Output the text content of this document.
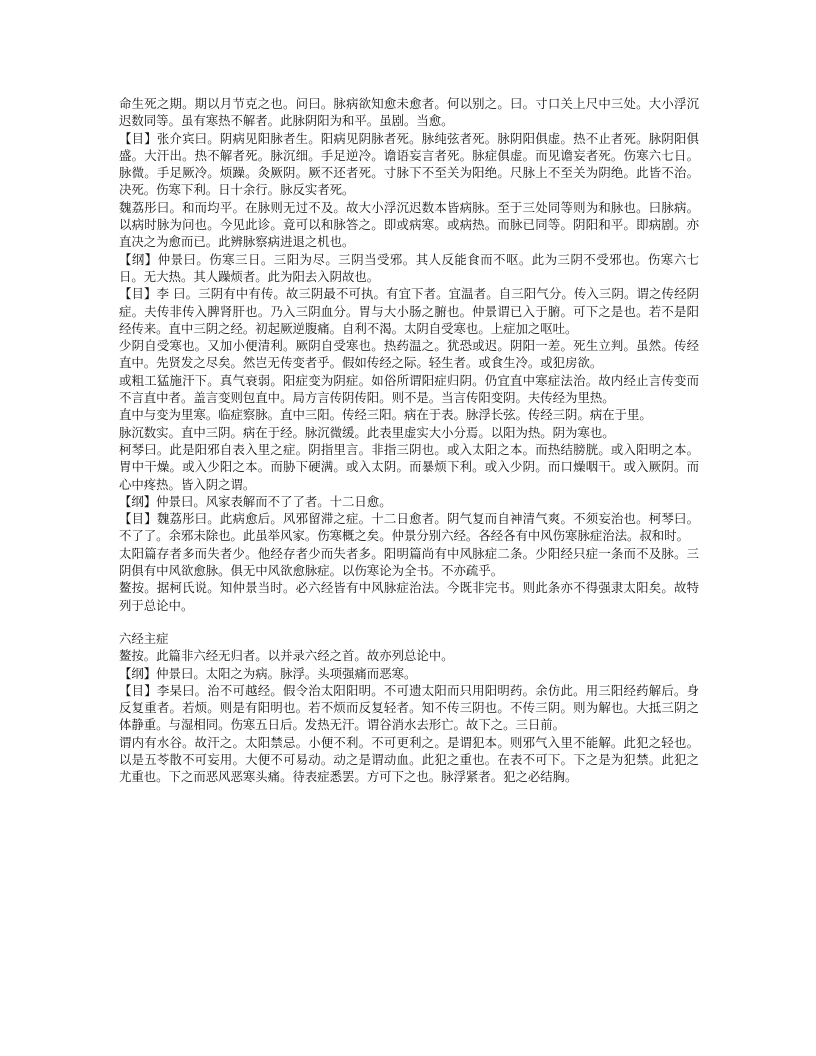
命生死之期。期以月节克之也。问曰。脉病欲知愈未愈者。何以别之。曰。寸口关上尺中三处。大小浮沉迟数同等。虽有寒热不解者。此脉阴阳为和平。虽剧。当愈。

【目】张介宾曰。阴病见阳脉者生。阳病见阴脉者死。脉纯弦者死。脉阴阳俱虚。热不止者死。脉阴阳俱盛。大汗出。热不解者死。脉沉细。手足逆冷。谵语妄言者死。脉症俱虚。而见谵妄者死。伤寒六七日。脉微。手足厥冷。烦躁。灸厥阴。厥不还者死。寸脉下不至关为阳绝。尺脉上不至关为阴绝。此皆不治。决死。伤寒下利。日十余行。脉反实者死。

魏荔彤曰。和而均平。在脉则无过不及。故大小浮沉迟数本皆病脉。至于三处同等则为和脉也。曰脉病。以病时脉为问也。今见此诊。竟可以和脉答之。即或病寒。或病热。而脉已同等。阴阳和平。即病剧。亦直决之为愈而已。此辨脉察病进退之机也。

【纲】仲景曰。伤寒三日。三阳为尽。三阴当受邪。其人反能食而不呕。此为三阴不受邪也。伤寒六七日。无大热。其人躁烦者。此为阳去入阴故也。

【目】李 曰。三阴有中有传。故三阴最不可执。有宜下者。宜温者。自三阳气分。传入三阴。谓之传经阴症。夫传非传入脾肾肝也。乃入三阴血分。胃与大小肠之腑也。仲景谓已入于腑。可下之是也。若不是阳经传来。直中三阴之经。初起厥逆腹痛。自利不渴。太阴自受寒也。上症加之呕吐。

少阴自受寒也。又加小便清利。厥阴自受寒也。热药温之。犹恐或迟。阴阳一差。死生立判。虽然。传经直中。先贤发之尽矣。然岂无传变者乎。假如传经之际。轻生者。或食生冷。或犯房欲。

或粗工猛施汗下。真气衰弱。阳症变为阴症。如俗所谓阳症归阴。仍宜直中寒症法治。故内经止言传变而不言直中者。盖言变则包直中。局方言传阴传阳。则不是。当言传阳变阴。夫传经为里热。

直中与变为里寒。临症察脉。直中三阳。传经三阳。病在于表。脉浮长弦。传经三阴。病在于里。

脉沉数实。直中三阴。病在于经。脉沉微缓。此表里虚实大小分焉。以阳为热。阴为寒也。

柯琴曰。此是阳邪自表入里之症。阴指里言。非指三阴也。或入太阳之本。而热结膀胱。或入阳明之本。胃中干燥。或入少阳之本。而胁下硬满。或入太阴。而暴烦下利。或入少阴。而口燥咽干。或入厥阴。而心中疼热。皆入阴之谓。

【纲】仲景曰。风家表解而不了了者。十二日愈。

【目】魏荔彤曰。此病愈后。风邪留滞之症。十二日愈者。阴气复而自神清气爽。不须妄治也。柯琴曰。不了了。余邪未除也。此虽举风家。伤寒概之矣。仲景分别六经。各经各有中风伤寒脉症治法。叔和时。

太阳篇存者多而失者少。他经存者少而失者多。阳明篇尚有中风脉症二条。少阳经只症一条而不及脉。三阴俱有中风欲愈脉。俱无中风欲愈脉症。以伤寒论为全书。不亦疏乎。

鳌按。据柯氏说。知仲景当时。必六经皆有中风脉症治法。今既非完书。则此条亦不得强隶太阳矣。故特列于总论中。

六经主症

鳌按。此篇非六经无归者。以并录六经之首。故亦列总论中。

【纲】仲景曰。太阳之为病。脉浮。头项强痛而恶寒。

【目】李杲曰。治不可越经。假令治太阳阳明。不可遗太阳而只用阳明药。余仿此。用三阳经药解后。身反复重者。若烦。则是有阳明也。若不烦而反复轻者。知不传三阴也。不传三阴。则为解也。大抵三阴之体静重。与湿相同。伤寒五日后。发热无汗。谓谷消水去形亡。故下之。三日前。

谓内有水谷。故汗之。太阳禁忌。小便不利。不可更利之。是谓犯本。则邪气入里不能解。此犯之轻也。以是五苓散不可妄用。大便不可易动。动之是谓动血。此犯之重也。在表不可下。下之是为犯禁。此犯之尤重也。下之而恶风恶寒头痛。待表症悉罢。方可下之也。脉浮紧者。犯之必结胸。
